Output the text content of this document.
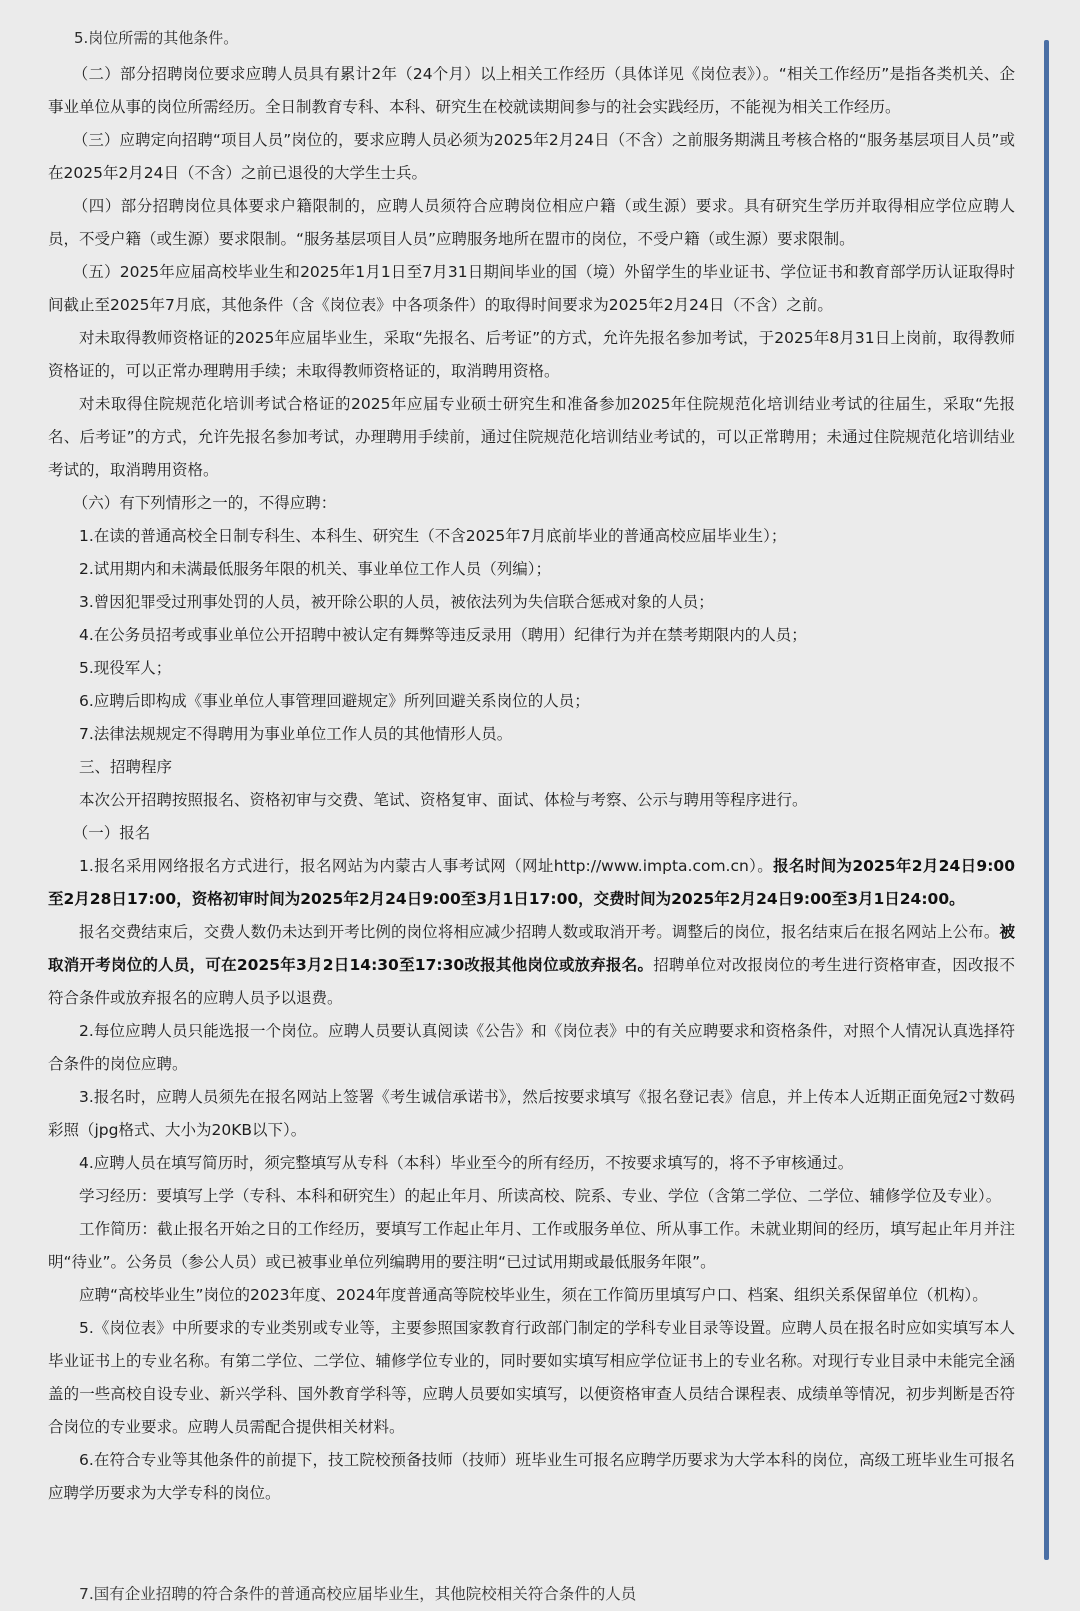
5.岗位所需的其他条件。

（二）部分招聘岗位要求应聘人员具有累计2年（24个月）以上相关工作经历（具体详见《岗位表》）。“相关工作经历”是指各类机关、企事业单位从事的岗位所需经历。全日制教育专科、本科、研究生在校就读期间参与的社会实践经历，不能视为相关工作经历。

（三）应聘定向招聘“项目人员”岗位的，要求应聘人员必须为2025年2月24日（不含）之前服务期满且考核合格的“服务基层项目人员”或在2025年2月24日（不含）之前已退役的大学生士兵。

（四）部分招聘岗位具体要求户籍限制的，应聘人员须符合应聘岗位相应户籍（或生源）要求。具有研究生学历并取得相应学位应聘人员，不受户籍（或生源）要求限制。“服务基层项目人员”应聘服务地所在盟市的岗位，不受户籍（或生源）要求限制。

（五）2025年应届高校毕业生和2025年1月1日至7月31日期间毕业的国（境）外留学生的毕业证书、学位证书和教育部学历认证取得时间截止至2025年7月底，其他条件（含《岗位表》中各项条件）的取得时间要求为2025年2月24日（不含）之前。

对未取得教师资格证的2025年应届毕业生，采取“先报名、后考证”的方式，允许先报名参加考试，于2025年8月31日上岗前，取得教师资格证的，可以正常办理聘用手续；未取得教师资格证的，取消聘用资格。

对未取得住院规范化培训考试合格证的2025年应届专业硕士研究生和准备参加2025年住院规范化培训结业考试的往届生，采取“先报名、后考证”的方式，允许先报名参加考试，办理聘用手续前，通过住院规范化培训结业考试的，可以正常聘用；未通过住院规范化培训结业考试的，取消聘用资格。

（六）有下列情形之一的，不得应聘：

1.在读的普通高校全日制专科生、本科生、研究生（不含2025年7月底前毕业的普通高校应届毕业生）；

2.试用期内和未满最低服务年限的机关、事业单位工作人员（列编）；

3.曾因犯罪受过刑事处罚的人员，被开除公职的人员，被依法列为失信联合惩戒对象的人员；

4.在公务员招考或事业单位公开招聘中被认定有舞弊等违反录用（聘用）纪律行为并在禁考期限内的人员；

5.现役军人；

6.应聘后即构成《事业单位人事管理回避规定》所列回避关系岗位的人员；

7.法律法规规定不得聘用为事业单位工作人员的其他情形人员。

三、招聘程序

本次公开招聘按照报名、资格初审与交费、笔试、资格复审、面试、体检与考察、公示与聘用等程序进行。

（一）报名

1.报名采用网络报名方式进行，报名网站为内蒙古人事考试网（网址http://www.impta.com.cn）。报名时间为2025年2月24日9:00至2月28日17:00，资格初审时间为2025年2月24日9:00至3月1日17:00，交费时间为2025年2月24日9:00至3月1日24:00。

报名交费结束后，交费人数仍未达到开考比例的岗位将相应减少招聘人数或取消开考。调整后的岗位，报名结束后在报名网站上公布。被取消开考岗位的人员，可在2025年3月2日14:30至17:30改报其他岗位或放弃报名。招聘单位对改报岗位的考生进行资格审查，因改报不符合条件或放弃报名的应聘人员予以退费。

2.每位应聘人员只能选报一个岗位。应聘人员要认真阅读《公告》和《岗位表》中的有关应聘要求和资格条件，对照个人情况认真选择符合条件的岗位应聘。

3.报名时，应聘人员须先在报名网站上签署《考生诚信承诺书》，然后按要求填写《报名登记表》信息，并上传本人近期正面免冠2寸数码彩照（jpg格式、大小为20KB以下）。

4.应聘人员在填写简历时，须完整填写从专科（本科）毕业至今的所有经历，不按要求填写的，将不予审核通过。

学习经历：要填写上学（专科、本科和研究生）的起止年月、所读高校、院系、专业、学位（含第二学位、二学位、辅修学位及专业）。

工作简历：截止报名开始之日的工作经历，要填写工作起止年月、工作或服务单位、所从事工作。未就业期间的经历，填写起止年月并注明“待业”。公务员（参公人员）或已被事业单位列编聘用的要注明“已过试用期或最低服务年限”。

应聘“高校毕业生”岗位的2023年度、2024年度普通高等院校毕业生，须在工作简历里填写户口、档案、组织关系保留单位（机构）。

5.《岗位表》中所要求的专业类别或专业等，主要参照国家教育行政部门制定的学科专业目录等设置。应聘人员在报名时应如实填写本人毕业证书上的专业名称。有第二学位、二学位、辅修学位专业的，同时要如实填写相应学位证书上的专业名称。对现行专业目录中未能完全涵盖的一些高校自设专业、新兴学科、国外教育学科等，应聘人员要如实填写，以便资格审查人员结合课程表、成绩单等情况，初步判断是否符合岗位的专业要求。应聘人员需配合提供相关材料。

6.在符合专业等其他条件的前提下，技工院校预备技师（技师）班毕业生可报名应聘学历要求为大学本科的岗位，高级工班毕业生可报名应聘学历要求为大学专科的岗位。

7.国有企业招聘的符合条件的普通高校应届毕业生，其他院校相关符合条件的人员
